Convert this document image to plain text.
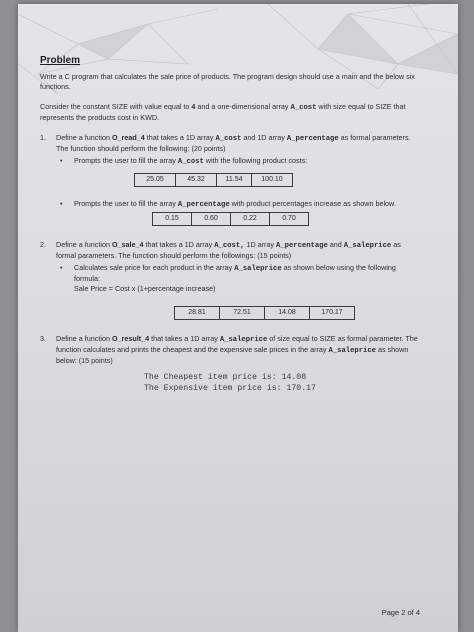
Problem

Write a C program that calculates the sale price of products. The program design should use a main and the below six functions.

Consider the constant SIZE with value equal to 4 and a one-dimensional array A_cost with size equal to SIZE that represents the products cost in KWD.

1. Define a function O_read_4 that takes a 1D array A_cost and 1D array A_percentage as formal parameters. The function should perform the following: (20 points)
• Prompts the user to fill the array A_cost with the following product costs:
25.05	45.32	11.54	100.10
• Prompts the user to fill the array A_percentage with product percentages increase as shown below.
0.15	0.60	0.22	0.70
2. Define a function O_sale_4 that takes a 1D array A_cost, 1D array A_percentage and A_saleprice as formal parameters. The function should perform the followings: (15 points)
• Calculates sale price for each product in the array A_saleprice as shown below using the following formula:
Sale Price = Cost x (1+percentage increase)
28.81	72.51	14.08	170.17
3. Define a function O_result_4 that takes a 1D array A_saleprice of size equal to SIZE as formal parameter. The function calculates and prints the cheapest and the expensive sale prices in the array A_saleprice as shown below: (15 points)
The Cheapest item price is: 14.08
The Expensive item price is: 170.17
Page 2 of 4
